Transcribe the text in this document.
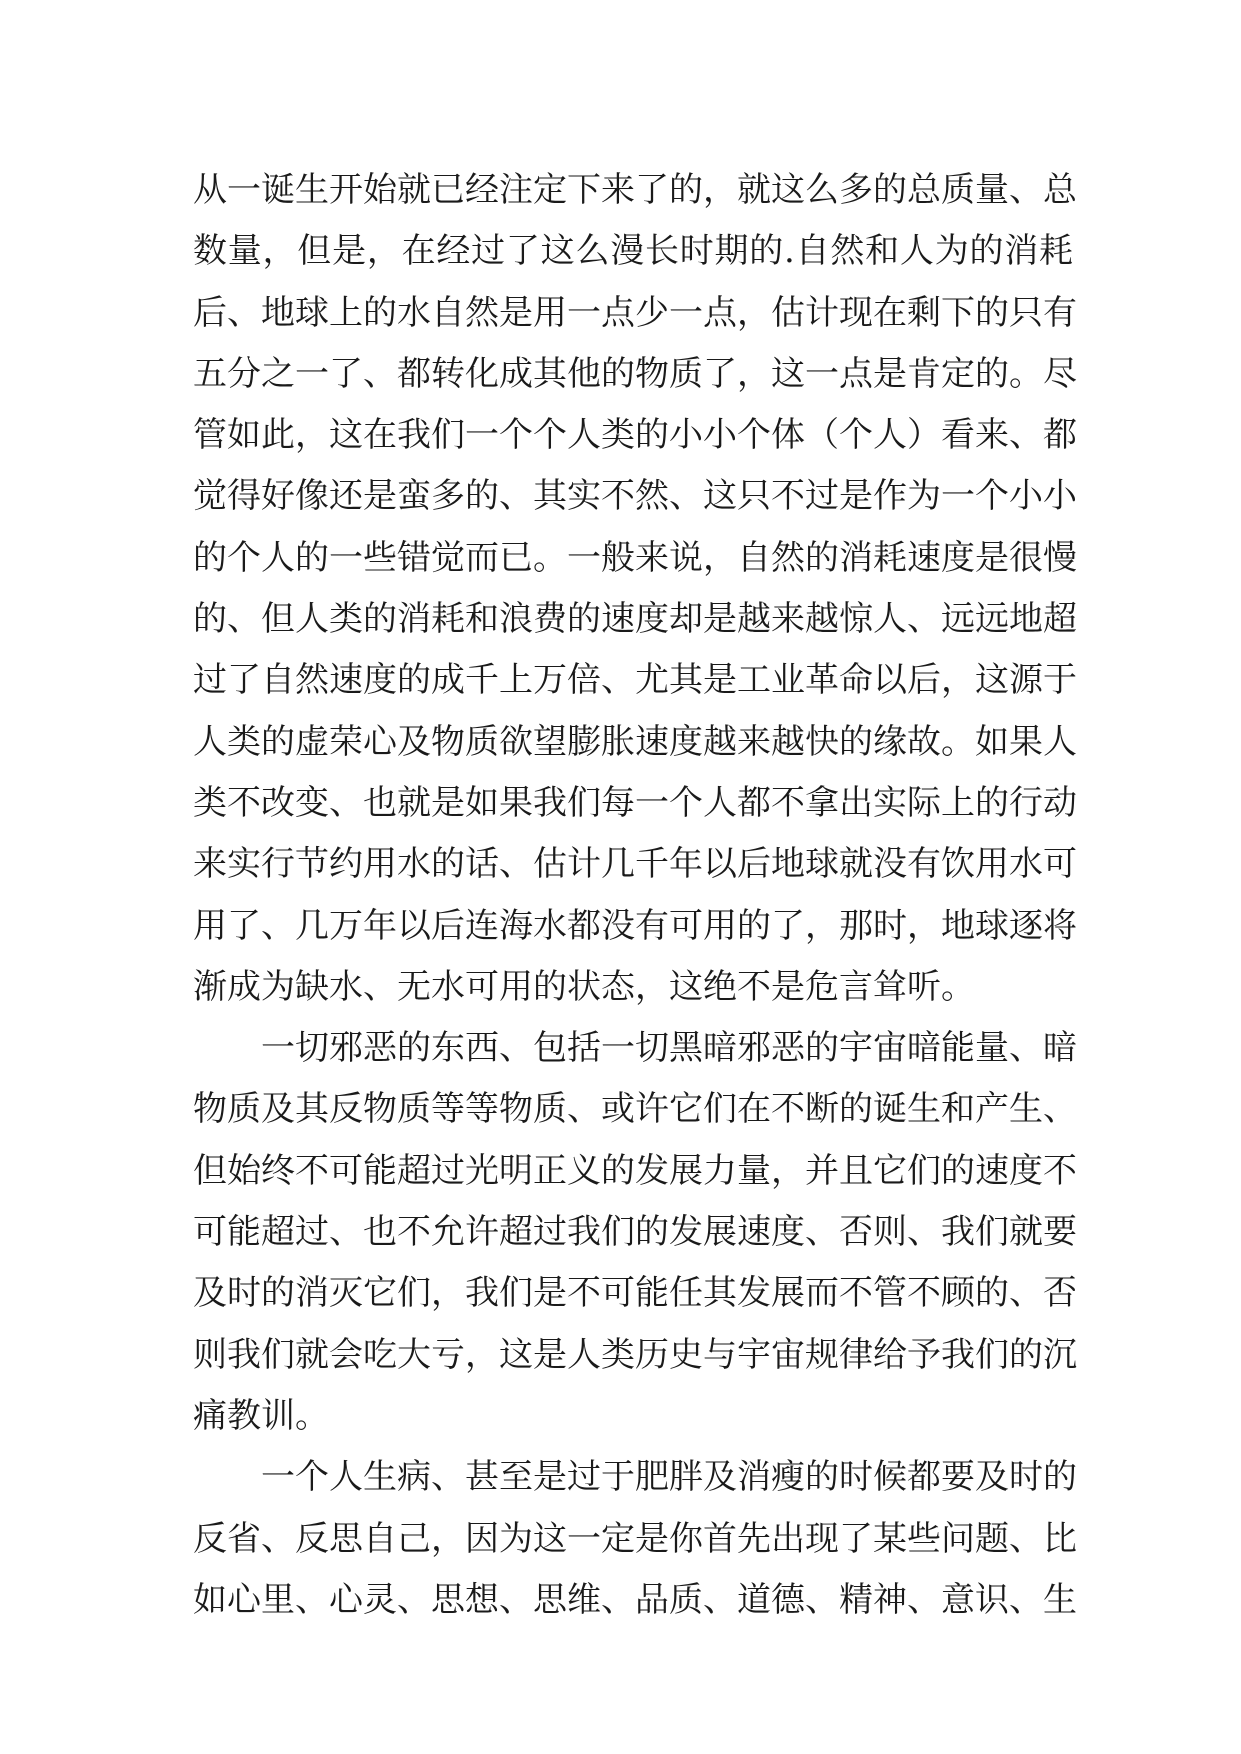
从一诞生开始就已经注定下来了的，就这么多的总质量、总
数量，但是，在经过了这么漫长时期的.自然和人为的消耗
后、地球上的水自然是用一点少一点，估计现在剩下的只有
五分之一了、都转化成其他的物质了，这一点是肯定的。尽
管如此，这在我们一个个人类的小小个体（个人）看来、都
觉得好像还是蛮多的、其实不然、这只不过是作为一个小小
的个人的一些错觉而已。一般来说，自然的消耗速度是很慢
的、但人类的消耗和浪费的速度却是越来越惊人、远远地超
过了自然速度的成千上万倍、尤其是工业革命以后，这源于
人类的虚荣心及物质欲望膨胀速度越来越快的缘故。如果人
类不改变、也就是如果我们每一个人都不拿出实际上的行动
来实行节约用水的话、估计几千年以后地球就没有饮用水可
用了、几万年以后连海水都没有可用的了，那时，地球逐将
渐成为缺水、无水可用的状态，这绝不是危言耸听。
一切邪恶的东西、包括一切黑暗邪恶的宇宙暗能量、暗
物质及其反物质等等物质、或许它们在不断的诞生和产生、
但始终不可能超过光明正义的发展力量，并且它们的速度不
可能超过、也不允许超过我们的发展速度、否则、我们就要
及时的消灭它们，我们是不可能任其发展而不管不顾的、否
则我们就会吃大亏，这是人类历史与宇宙规律给予我们的沉
痛教训。
一个人生病、甚至是过于肥胖及消瘦的时候都要及时的
反省、反思自己，因为这一定是你首先出现了某些问题、比
如心里、心灵、思想、思维、品质、道德、精神、意识、生
